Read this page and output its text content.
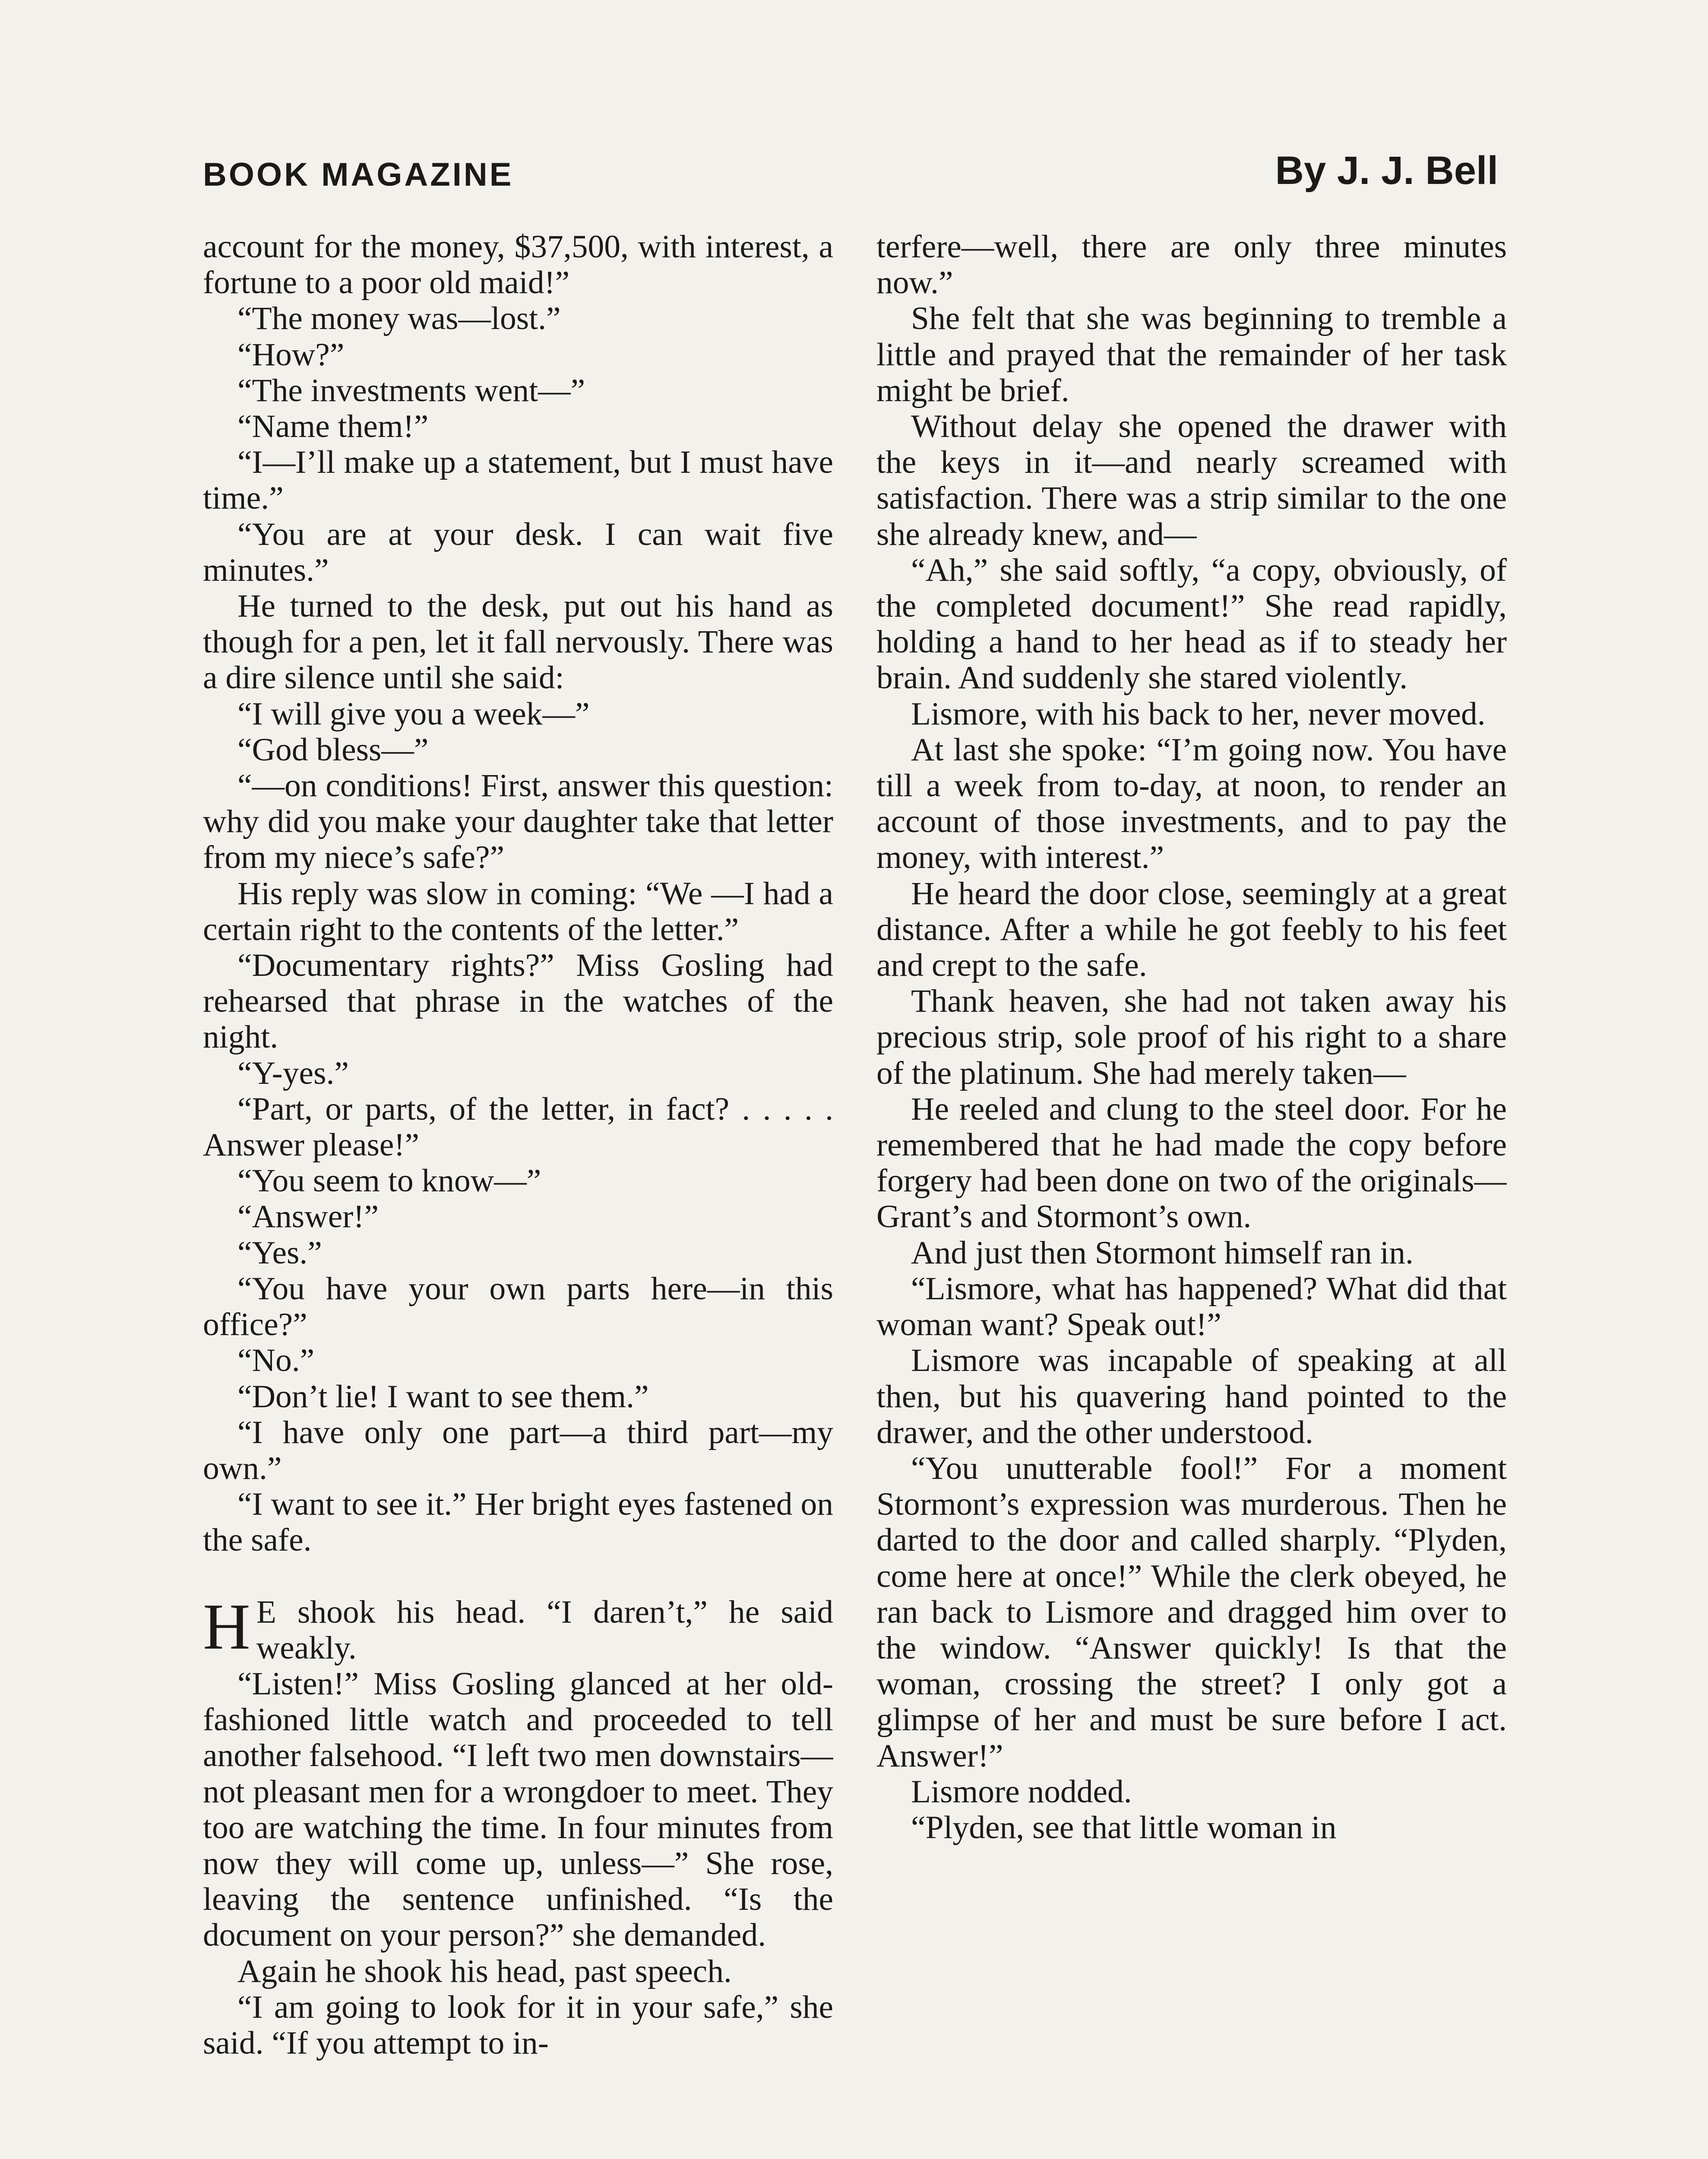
BOOK MAGAZINE	By J. J. Bell

account for the money, $37,500, with interest, a fortune to a poor old maid!”

“The money was—lost.”

“How?”

“The investments went—”

“Name them!”

“I—I’ll make up a statement, but I must have time.”

“You are at your desk. I can wait five minutes.”

He turned to the desk, put out his hand as though for a pen, let it fall nervously. There was a dire silence until she said:

“I will give you a week—”

“God bless—”

“—on conditions! First, answer this question: why did you make your daughter take that letter from my niece’s safe?”

His reply was slow in coming: “We —I had a certain right to the contents of the letter.”

“Documentary rights?” Miss Gosling had rehearsed that phrase in the watches of the night.

“Y-yes.”

“Part, or parts, of the letter, in fact? . . . . . Answer please!”

“You seem to know—”

“Answer!”

“Yes.”

“You have your own parts here—in this office?”

“No.”

“Don’t lie! I want to see them.”

“I have only one part—a third part—my own.”

“I want to see it.” Her bright eyes fastened on the safe.

H E shook his head. “I daren’t,” he said weakly.

“Listen!” Miss Gosling glanced at her old-fashioned little watch and proceeded to tell another falsehood. “I left two men downstairs—not pleasant men for a wrongdoer to meet. They too are watching the time. In four minutes from now they will come up, unless—” She rose, leaving the sentence unfinished. “Is the document on your person?” she demanded.

Again he shook his head, past speech.

“I am going to look for it in your safe,” she said. “If you attempt to in-

terfere—well, there are only three minutes now.”

She felt that she was beginning to tremble a little and prayed that the remainder of her task might be brief.

Without delay she opened the drawer with the keys in it—and nearly screamed with satisfaction. There was a strip similar to the one she already knew, and—

“Ah,” she said softly, “a copy, obviously, of the completed document!” She read rapidly, holding a hand to her head as if to steady her brain. And suddenly she stared violently.

Lismore, with his back to her, never moved.

At last she spoke: “I’m going now. You have till a week from to-day, at noon, to render an account of those investments, and to pay the money, with interest.”

He heard the door close, seemingly at a great distance. After a while he got feebly to his feet and crept to the safe.

Thank heaven, she had not taken away his precious strip, sole proof of his right to a share of the platinum. She had merely taken—

He reeled and clung to the steel door. For he remembered that he had made the copy before forgery had been done on two of the originals—Grant’s and Stormont’s own.

And just then Stormont himself ran in.

“Lismore, what has happened? What did that woman want? Speak out!”

Lismore was incapable of speaking at all then, but his quavering hand pointed to the drawer, and the other understood.

“You unutterable fool!” For a moment Stormont’s expression was murderous. Then he darted to the door and called sharply. “Plyden, come here at once!” While the clerk obeyed, he ran back to Lismore and dragged him over to the window. “Answer quickly! Is that the woman, crossing the street? I only got a glimpse of her and must be sure before I act. Answer!”

Lismore nodded.

“Plyden, see that little woman in
